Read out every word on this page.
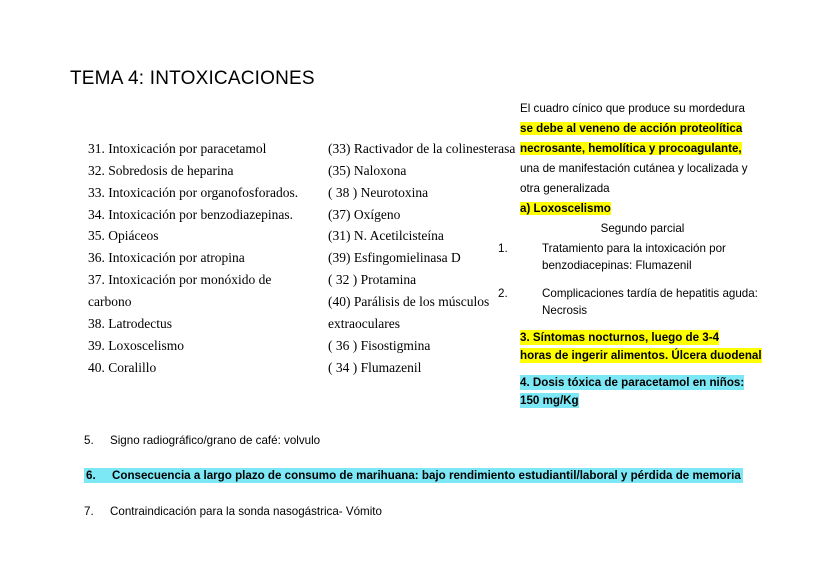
TEMA 4: INTOXICACIONES
31. Intoxicación por paracetamol
32. Sobredosis de heparina
33. Intoxicación por organofosforados.
34. Intoxicación por benzodiazepinas.
35. Opiáceos
36. Intoxicación por atropina
37. Intoxicación por monóxido de carbono
38. Latrodectus
39. Loxoscelismo
40. Coralillo
(33) Ractivador de la colinesterasa
(35) Naloxona
( 38 ) Neurotoxina
(37) Oxígeno
(31) N. Acetilcisteína
(39) Esfingomielinasa D
( 32 ) Protamina
(40) Parálisis de los músculos extraoculares
( 36 ) Fisostigmina
( 34 ) Flumazenil

El cuadro cínico que produce su mordedura

se debe al veneno de acción proteolítica

necrosante, hemolítica y procoagulante,

una de manifestación cutánea y localizada y

otra generalizada

a) Loxoscelismo

Segundo parcial

1.	Tratamiento para la intoxicación por benzodiacepinas: Flumazenil
2.	Complicaciones tardía de hepatitis aguda: Necrosis
3. Síntomas nocturnos, luego de 3-4
horas de ingerir alimentos. Úlcera duodenal
4. Dosis tóxica de paracetamol en niños:
150 mg/Kg
5. Signo radiográfico/grano de café: volvulo
6. Consecuencia a largo plazo de consumo de marihuana: bajo rendimiento estudiantil/laboral y pérdida de memoria
7. Contraindicación para la sonda nasogástrica- Vómito
